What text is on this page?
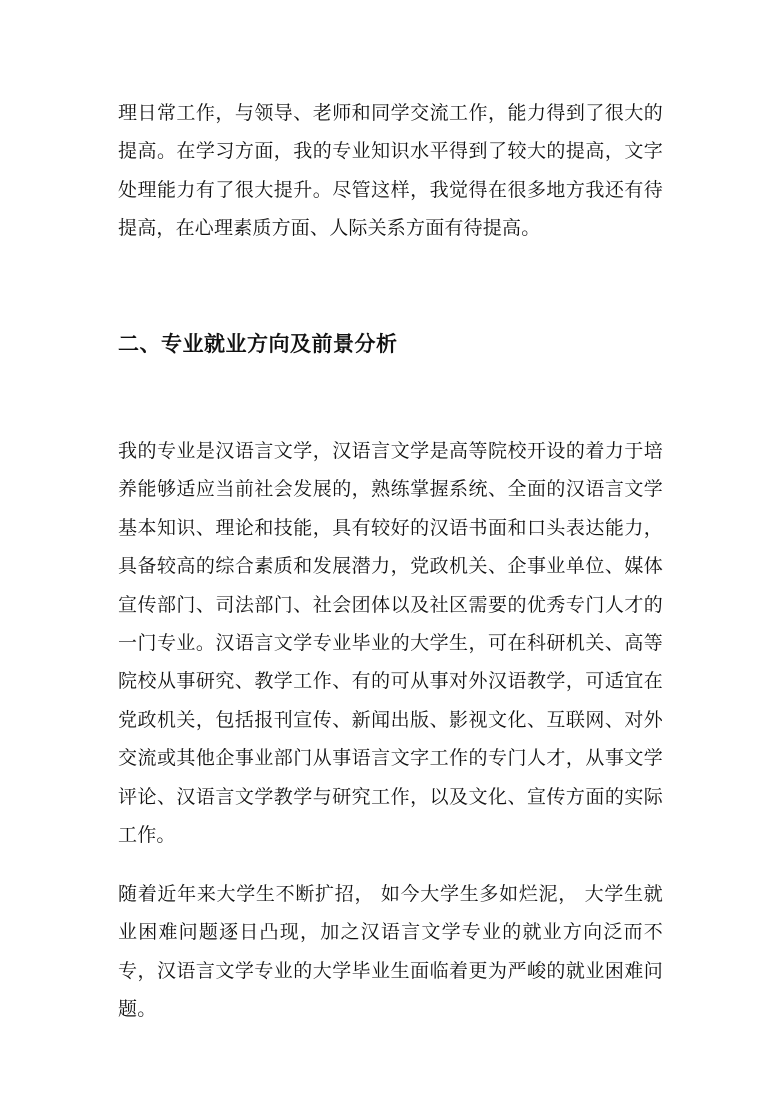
理日常工作，与领导、老师和同学交流工作，能力得到了很大的提高。在学习方面，我的专业知识水平得到了较大的提高，文字处理能力有了很大提升。尽管这样，我觉得在很多地方我还有待提高，在心理素质方面、人际关系方面有待提高。

二、专业就业方向及前景分析

我的专业是汉语言文学，汉语言文学是高等院校开设的着力于培养能够适应当前社会发展的，熟练掌握系统、全面的汉语言文学基本知识、理论和技能，具有较好的汉语书面和口头表达能力，具备较高的综合素质和发展潜力，党政机关、企事业单位、媒体宣传部门、司法部门、社会团体以及社区需要的优秀专门人才的一门专业。汉语言文学专业毕业的大学生，可在科研机关、高等院校从事研究、教学工作、有的可从事对外汉语教学，可适宜在党政机关，包括报刊宣传、新闻出版、影视文化、互联网、对外交流或其他企事业部门从事语言文字工作的专门人才，从事文学评论、汉语言文学教学与研究工作，以及文化、宣传方面的实际工作。

随着近年来大学生不断扩招， 如今大学生多如烂泥， 大学生就业困难问题逐日凸现，加之汉语言文学专业的就业方向泛而不专，汉语言文学专业的大学毕业生面临着更为严峻的就业困难问题。
